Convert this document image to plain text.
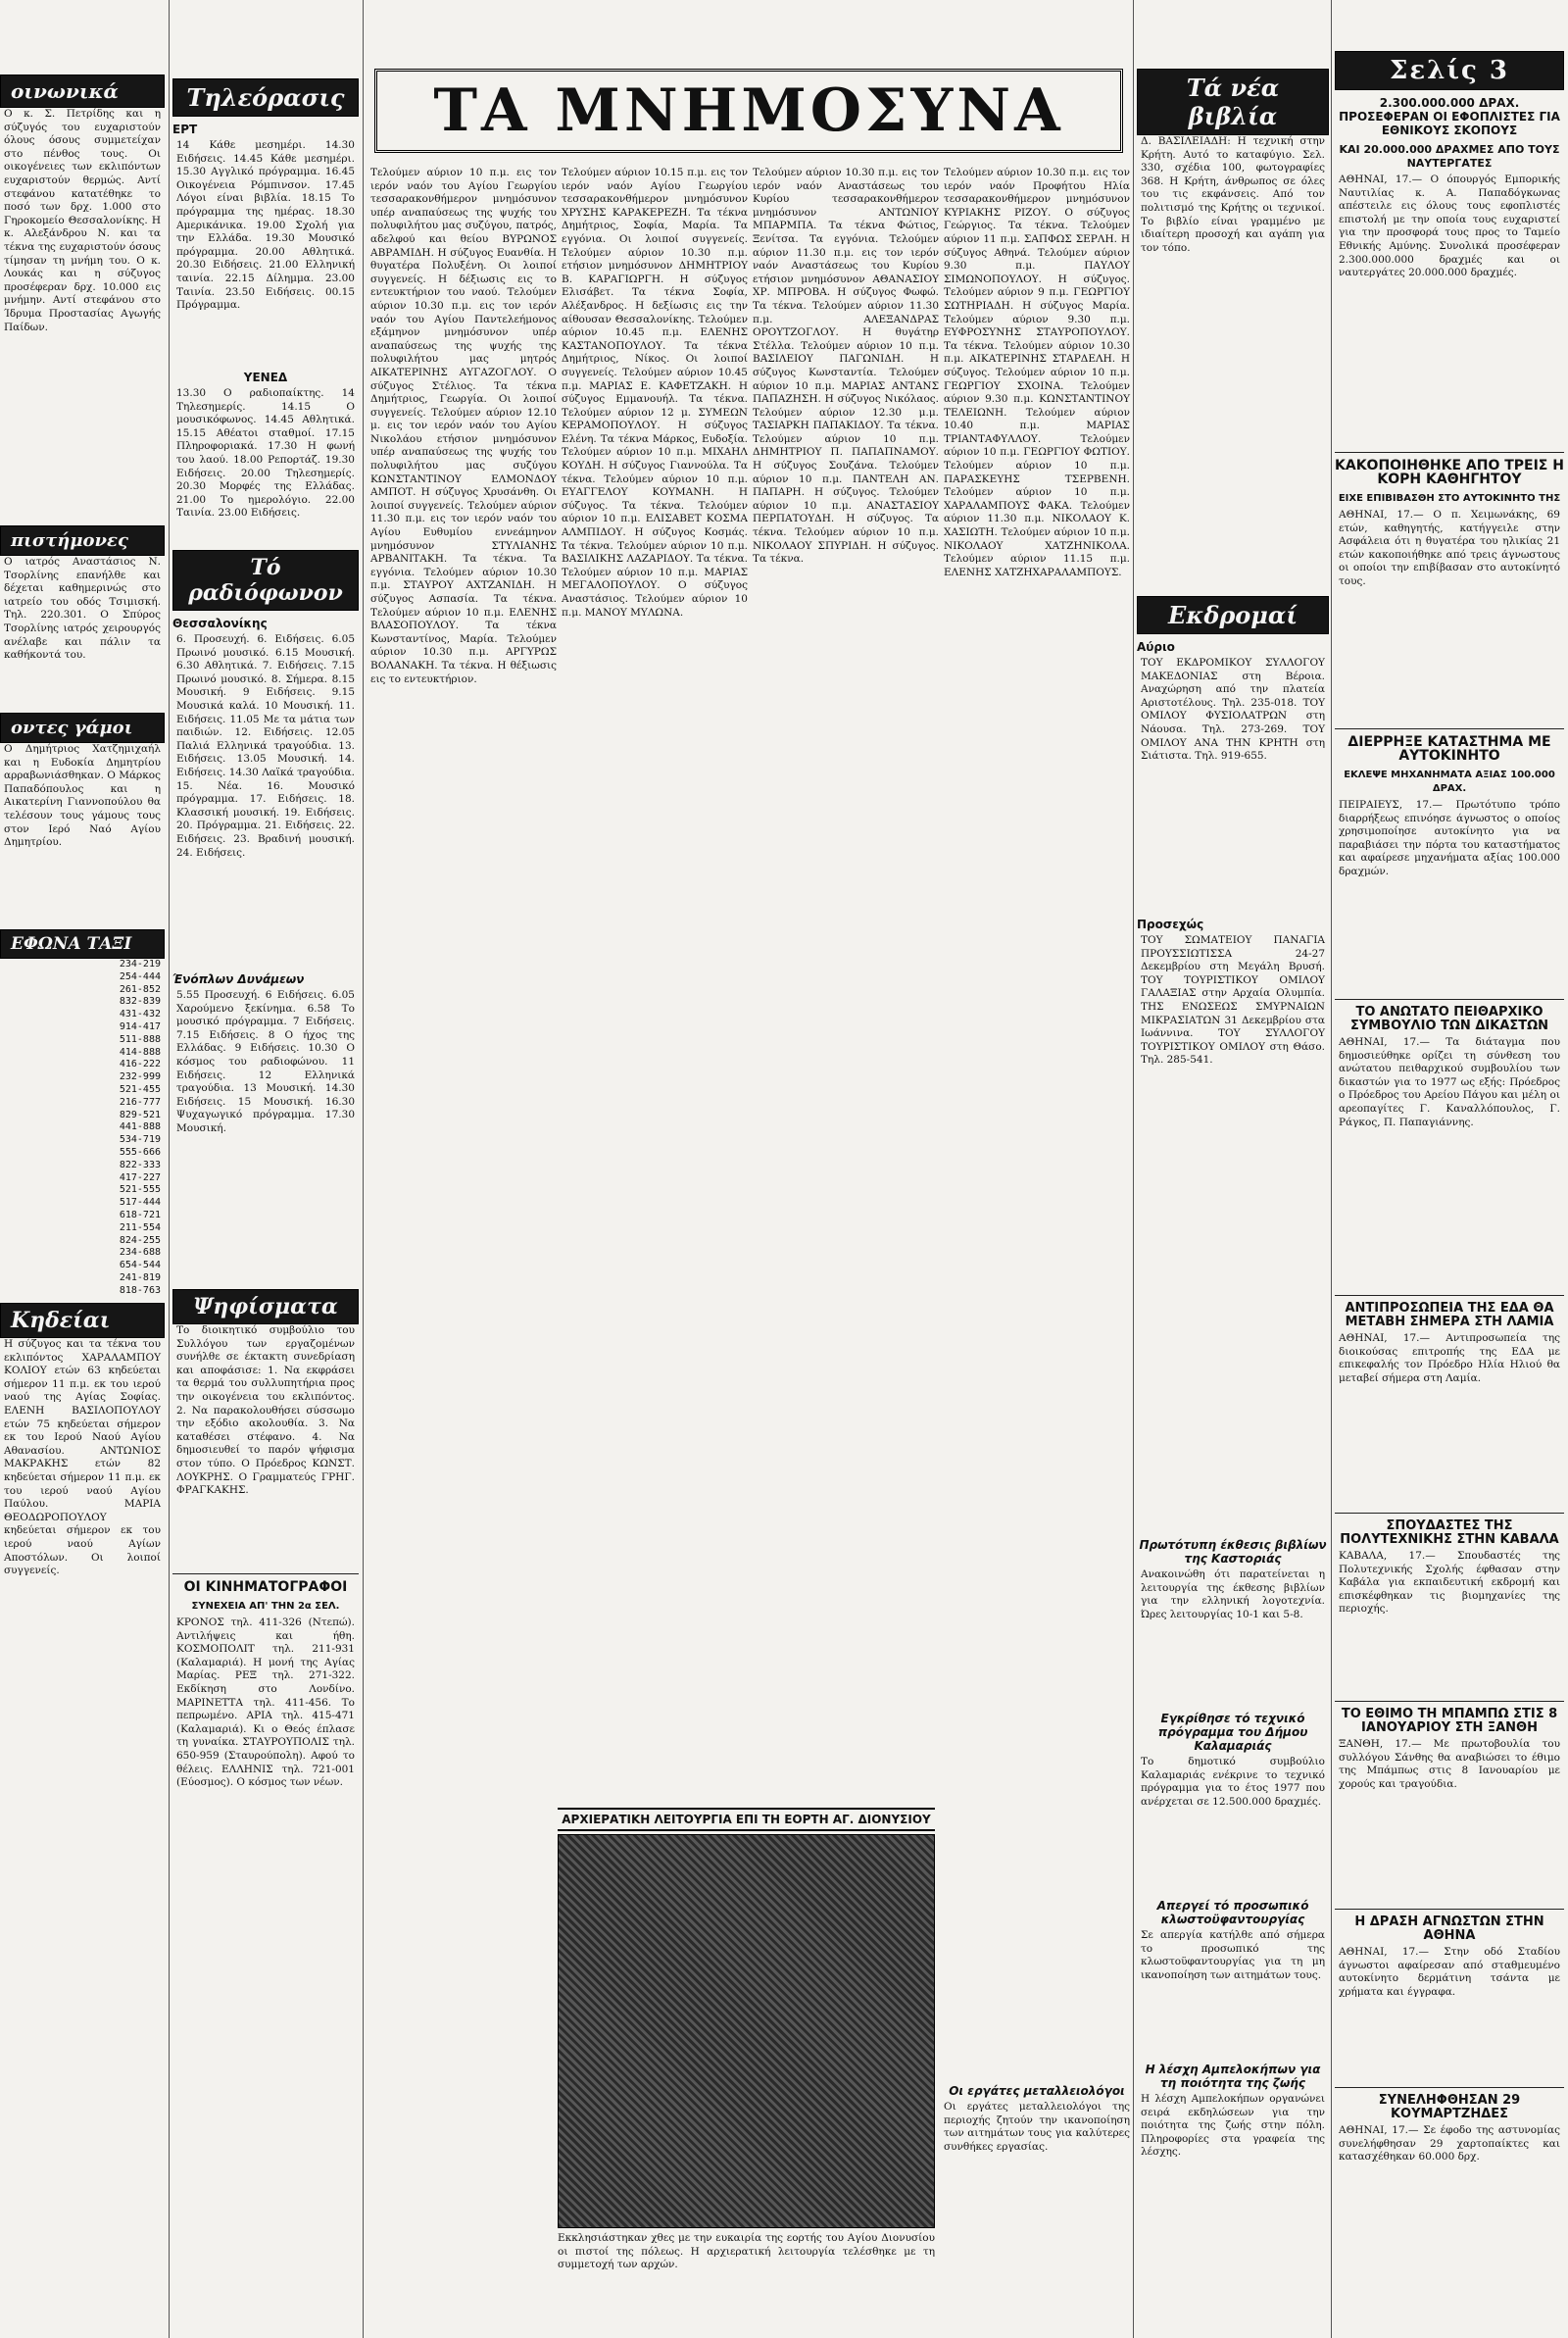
οινωνικά

Ο κ. Σ. Πετρίδης και η σύζυγός του ευχαριστούν όλους όσους συμμετείχαν στο πένθος τους. Οι οικογένειες των εκλιπόντων ευχαριστούν θερμώς. Αντί στεφάνου κατατέθηκε το ποσό των δρχ. 1.000 στο Γηροκομείο Θεσσαλονίκης. Η κ. Αλεξάνδρου Ν. και τα τέκνα της ευχαριστούν όσους τίμησαν τη μνήμη του. Ο κ. Λουκάς και η σύζυγος προσέφεραν δρχ. 10.000 εις μνήμην. Αντί στεφάνου στο Ίδρυμα Προστασίας Αγωγής Παίδων.

πιστήμονες

Ο ιατρός Αναστάσιος Ν. Τσορλίνης επανήλθε και δέχεται καθημερινώς στο ιατρείο του οδός Τσιμισκή. Τηλ. 220.301. Ο Σπύρος Τσορλίνης ιατρός χειρουργός ανέλαβε και πάλιν τα καθήκοντά του.

οντες γάμοι

Ο Δημήτριος Χατζημιχαήλ και η Ευδοκία Δημητρίου αρραβωνιάσθηκαν. Ο Μάρκος Παπαδόπουλος και η Αικατερίνη Γιαννοπούλου θα τελέσουν τους γάμους τους στον Ιερό Ναό Αγίου Δημητρίου.

ΕΦΩΝΑ ΤΑΞΙ
234-219
254-444
261-852
832-839
431-432
914-417
511-888
414-888
416-222
232-999
521-455
216-777
829-521
441-888
534-719
555-666
822-333
417-227
521-555
517-444
618-721
211-554
824-255
234-688
654-544
241-819
818-763
Κηδείαι

Η σύζυγος και τα τέκνα του εκλιπόντος ΧΑΡΑΛΑΜΠΟΥ ΚΟΛΙΟΥ ετών 63 κηδεύεται σήμερον 11 π.μ. εκ του ιερού ναού της Αγίας Σοφίας. ΕΛΕΝΗ ΒΑΣΙΛΟΠΟΥΛΟΥ ετών 75 κηδεύεται σήμερον εκ του Ιερού Ναού Αγίου Αθανασίου. ΑΝΤΩΝΙΟΣ ΜΑΚΡΑΚΗΣ ετών 82 κηδεύεται σήμερον 11 π.μ. εκ του ιερού ναού Αγίου Παύλου. ΜΑΡΙΑ ΘΕΟΔΩΡΟΠΟΥΛΟΥ κηδεύεται σήμερον εκ του ιερού ναού Αγίων Αποστόλων. Οι λοιποί συγγενείς.

Τηλεόρασις
ΕΡΤ

14 Κάθε μεσημέρι. 14.30 Ειδήσεις. 14.45 Κάθε μεσημέρι. 15.30 Αγγλικό πρόγραμμα. 16.45 Οικογένεια Ρόμπινσον. 17.45 Λόγοι είναι βιβλία. 18.15 Το πρόγραμμα της ημέρας. 18.30 Αμερικάνικα. 19.00 Σχολή για την Ελλάδα. 19.30 Μουσικό πρόγραμμα. 20.00 Αθλητικά. 20.30 Ειδήσεις. 21.00 Ελληνική ταινία. 22.15 Δίλημμα. 23.00 Ταινία. 23.50 Ειδήσεις. 00.15 Πρόγραμμα.

ΥΕΝΕΔ

13.30 Ο ραδιοπαίκτης. 14 Τηλεσημερίς. 14.15 Ο μουσικόφωνος. 14.45 Αθλητικά. 15.15 Αθέατοι σταθμοί. 17.15 Πληροφοριακά. 17.30 Η φωνή του λαού. 18.00 Ρεπορτάζ. 19.30 Ειδήσεις. 20.00 Τηλεσημερίς. 20.30 Μορφές της Ελλάδας. 21.00 Το ημερολόγιο. 22.00 Ταινία. 23.00 Ειδήσεις.

Τό ραδιόφωνον
Θεσσαλονίκης

6. Προσευχή. 6. Ειδήσεις. 6.05 Πρωινό μουσικό. 6.15 Μουσική. 6.30 Αθλητικά. 7. Ειδήσεις. 7.15 Πρωινό μουσικό. 8. Σήμερα. 8.15 Μουσική. 9 Ειδήσεις. 9.15 Μουσικά καλά. 10 Μουσική. 11. Ειδήσεις. 11.05 Με τα μάτια των παιδιών. 12. Ειδήσεις. 12.05 Παλιά Ελληνικά τραγούδια. 13. Ειδήσεις. 13.05 Μουσική. 14. Ειδήσεις. 14.30 Λαϊκά τραγούδια. 15. Νέα. 16. Μουσικό πρόγραμμα. 17. Ειδήσεις. 18. Κλασσική μουσική. 19. Ειδήσεις. 20. Πρόγραμμα. 21. Ειδήσεις. 22. Ειδήσεις. 23. Βραδινή μουσική. 24. Ειδήσεις.

Ένόπλων Δυνάμεων

5.55 Προσευχή. 6 Ειδήσεις. 6.05 Χαρούμενο ξεκίνημα. 6.58 Το μουσικό πρόγραμμα. 7 Ειδήσεις. 7.15 Ειδήσεις. 8 Ο ήχος της Ελλάδας. 9 Ειδήσεις. 10.30 Ο κόσμος του ραδιοφώνου. 11 Ειδήσεις. 12 Ελληνικά τραγούδια. 13 Μουσική. 14.30 Ειδήσεις. 15 Μουσική. 16.30 Ψυχαγωγικό πρόγραμμα. 17.30 Μουσική.

Ψηφίσματα

Το διοικητικό συμβούλιο του Συλλόγου των εργαζομένων συνήλθε σε έκτακτη συνεδρίαση και αποφάσισε: 1. Να εκφράσει τα θερμά του συλλυπητήρια προς την οικογένεια του εκλιπόντος. 2. Να παρακολουθήσει σύσσωμο την εξόδιο ακολουθία. 3. Να καταθέσει στέφανο. 4. Να δημοσιευθεί το παρόν ψήφισμα στον τύπο. Ο Πρόεδρος ΚΩΝΣΤ. ΛΟΥΚΡΗΣ. Ο Γραμματεύς ΓΡΗΓ. ΦΡΑΓΚΑΚΗΣ.

ΟΙ ΚΙΝΗΜΑΤΟΓΡΑΦΟΙ
ΣΥΝΕΧΕΙΑ ΑΠ' ΤΗΝ 2α ΣΕΛ.

ΚΡΟΝΟΣ τηλ. 411-326 (Ντεπώ). Αντιλήψεις και ήθη. ΚΟΣΜΟΠΟΛΙΤ τηλ. 211-931 (Καλαμαριά). Η μονή της Αγίας Μαρίας. ΡΕΞ τηλ. 271-322. Εκδίκηση στο Λονδίνο. ΜΑΡΙΝΕΤΤΑ τηλ. 411-456. Το πεπρωμένο. ΑΡΙΑ τηλ. 415-471 (Καλαμαριά). Κι ο Θεός έπλασε τη γυναίκα. ΣΤΑΥΡΟΥΠΟΛΙΣ τηλ. 650-959 (Σταυρούπολη). Αφού το θέλεις. ΕΛΛΗΝΙΣ τηλ. 721-001 (Εύοσμος). Ο κόσμος των νέων.

ΤΑ ΜΝΗΜΟΣΥΝΑ

Τελούμεν αύριον 10 π.μ. εις τον ιερόν ναόν του Αγίου Γεωργίου τεσσαρακονθήμερον μνημόσυνον υπέρ αναπαύσεως της ψυχής του πολυφιλήτου μας συζύγου, πατρός, αδελφού και θείου ΒΥΡΩΝΟΣ ΑΒΡΑΜΙΔΗ. Η σύζυγος Ευανθία. Η θυγατέρα Πολυξένη. Οι λοιποί συγγενείς. Η δέξιωσις εις το εντευκτήριον του ναού. Τελούμεν αύριον 10.30 π.μ. εις τον ιερόν ναόν του Αγίου Παντελεήμονος εξάμηνον μνημόσυνον υπέρ αναπαύσεως της ψυχής της πολυφιλήτου μας μητρός ΑΙΚΑΤΕΡΙΝΗΣ ΑΥΓΑΖΟΓΛΟΥ. Ο σύζυγος Στέλιος. Τα τέκνα Δημήτριος, Γεωργία. Οι λοιποί συγγενείς. Τελούμεν αύριον 12.10 μ. εις τον ιερόν ναόν του Αγίου Νικολάου ετήσιον μνημόσυνον υπέρ αναπαύσεως της ψυχής του πολυφιλήτου μας συζύγου ΚΩΝΣΤΑΝΤΙΝΟΥ ΕΛΜΟΝΔΟΥ ΑΜΠΟΤ. Η σύζυγος Χρυσάνθη. Οι λοιποί συγγενείς. Τελούμεν αύριον 11.30 π.μ. εις τον ιερόν ναόν του Αγίου Ευθυμίου εννεάμηνον μνημόσυνον ΣΤΥΛΙΑΝΗΣ ΑΡΒΑΝΙΤΑΚΗ. Τα τέκνα. Τα εγγόνια. Τελούμεν αύριον 10.30 π.μ. ΣΤΑΥΡΟΥ ΑΧΤΖΑΝΙΔΗ. Η σύζυγος Ασπασία. Τα τέκνα. Τελούμεν αύριον 10 π.μ. ΕΛΕΝΗΣ ΒΛΑΣΟΠΟΥΛΟΥ. Τα τέκνα Κωνσταντίνος, Μαρία. Τελούμεν αύριον 10.30 π.μ. ΑΡΓΥΡΩΣ ΒΟΛΑΝΑΚΗ. Τα τέκνα. Η θέξιωσις εις το εντευκτήριον.

Τελούμεν αύριον 10.15 π.μ. εις τον ιερόν ναόν Αγίου Γεωργίου τεσσαρακονθήμερον μνημόσυνον ΧΡΥΣΗΣ ΚΑΡΑΚΕΡΕΖΗ. Τα τέκνα Δημήτριος, Σοφία, Μαρία. Τα εγγόνια. Οι λοιποί συγγενείς. Τελούμεν αύριον 10.30 π.μ. ετήσιον μνημόσυνον ΔΗΜΗΤΡΙΟΥ Β. ΚΑΡΑΓΙΩΡΓΗ. Η σύζυγος Ελισάβετ. Τα τέκνα Σοφία, Αλέξανδρος. Η δεξίωσις εις την αίθουσαν Θεσσαλονίκης. Τελούμεν αύριον 10.45 π.μ. ΕΛΕΝΗΣ ΚΑΣΤΑΝΟΠΟΥΛΟΥ. Τα τέκνα Δημήτριος, Νίκος. Οι λοιποί συγγενείς. Τελούμεν αύριον 10.45 π.μ. ΜΑΡΙΑΣ Ε. ΚΑΦΕΤΖΑΚΗ. Η σύζυγος Εμμανουήλ. Τα τέκνα. Τελούμεν αύριον 12 μ. ΣΥΜΕΩΝ ΚΕΡΑΜΟΠΟΥΛΟΥ. Η σύζυγος Ελένη. Τα τέκνα Μάρκος, Ευδοξία. Τελούμεν αύριον 10 π.μ. ΜΙΧΑΗΛ ΚΟΥΔΗ. Η σύζυγος Γιαννούλα. Τα τέκνα. Τελούμεν αύριον 10 π.μ. ΕΥΑΓΓΕΛΟΥ ΚΟΥΜΑΝΗ. Η σύζυγος. Τα τέκνα. Τελούμεν αύριον 10 π.μ. ΕΛΙΣΑΒΕΤ ΚΟΣΜΑ ΑΛΜΠΙΔΟΥ. Η σύζυγος Κοσμάς. Τα τέκνα. Τελούμεν αύριον 10 π.μ. ΒΑΣΙΛΙΚΗΣ ΛΑΖΑΡΙΔΟΥ. Τα τέκνα. Τελούμεν αύριον 10 π.μ. ΜΑΡΙΑΣ ΜΕΓΑΛΟΠΟΥΛΟΥ. Ο σύζυγος Αναστάσιος. Τελούμεν αύριον 10 π.μ. ΜΑΝΟΥ ΜΥΛΩΝΑ.

Τελούμεν αύριον 10.30 π.μ. εις τον ιερόν ναόν Αναστάσεως του Κυρίου τεσσαρακονθήμερον μνημόσυνον ΑΝΤΩΝΙΟΥ ΜΠΑΡΜΠΑ. Τα τέκνα Φώτιος, Ξενίτσα. Τα εγγόνια. Τελούμεν αύριον 11.30 π.μ. εις τον ιερόν ναόν Αναστάσεως του Κυρίου ετήσιον μνημόσυνον ΑΘΑΝΑΣΙΟΥ ΧΡ. ΜΠΡΟΒΑ. Η σύζυγος Φωφώ. Τα τέκνα. Τελούμεν αύριον 11.30 π.μ. ΑΛΕΞΑΝΔΡΑΣ ΟΡΟΥΤΖΟΓΛΟΥ. Η θυγάτηρ Στέλλα. Τελούμεν αύριον 10 π.μ. ΒΑΣΙΛΕΙΟΥ ΠΑΓΩΝΙΔΗ. Η σύζυγος Κωνσταντία. Τελούμεν αύριον 10 π.μ. ΜΑΡΙΑΣ ΑΝΤΑΝΣ ΠΑΠΑΖΗΣΗ. Η σύζυγος Νικόλαος. Τελούμεν αύριον 12.30 μ.μ. ΤΑΣΙΑΡΚΗ ΠΑΠΑΚΙΔΟΥ. Τα τέκνα. Τελούμεν αύριον 10 π.μ. ΔΗΜΗΤΡΙΟΥ Π. ΠΑΠΑΠΝΑΜΟΥ. Η σύζυγος Σουζάνα. Τελούμεν αύριον 10 π.μ. ΠΑΝΤΕΛΗ ΑΝ. ΠΑΠΑΡΗ. Η σύζυγος. Τελούμεν αύριον 10 π.μ. ΑΝΑΣΤΑΣΙΟΥ ΠΕΡΠΑΤΟΥΔΗ. Η σύζυγος. Τα τέκνα. Τελούμεν αύριον 10 π.μ. ΝΙΚΟΛΑΟΥ ΣΠΥΡΙΔΗ. Η σύζυγος. Τα τέκνα.

Τελούμεν αύριον 10.30 π.μ. εις τον ιερόν ναόν Προφήτου Ηλία τεσσαρακονθήμερον μνημόσυνον ΚΥΡΙΑΚΗΣ ΡΙΖΟΥ. Ο σύζυγος Γεώργιος. Τα τέκνα. Τελούμεν αύριον 11 π.μ. ΣΑΠΦΩΣ ΣΕΡΛΗ. Η σύζυγος Αθηνά. Τελούμεν αύριον 9.30 π.μ. ΠΑΥΛΟΥ ΣΙΜΩΝΟΠΟΥΛΟΥ. Η σύζυγος. Τελούμεν αύριον 9 π.μ. ΓΕΩΡΓΙΟΥ ΣΩΤΗΡΙΑΔΗ. Η σύζυγος Μαρία. Τελούμεν αύριον 9.30 π.μ. ΕΥΦΡΟΣΥΝΗΣ ΣΤΑΥΡΟΠΟΥΛΟΥ. Τα τέκνα. Τελούμεν αύριον 10.30 π.μ. ΑΙΚΑΤΕΡΙΝΗΣ ΣΤΑΡΔΕΛΗ. Η σύζυγος. Τελούμεν αύριον 10 π.μ. ΓΕΩΡΓΙΟΥ ΣΧΟΙΝΑ. Τελούμεν αύριον 9.30 π.μ. ΚΩΝΣΤΑΝΤΙΝΟΥ ΤΕΛΕΙΩΝΗ. Τελούμεν αύριον 10.40 π.μ. ΜΑΡΙΑΣ ΤΡΙΑΝΤΑΦΥΛΛΟΥ. Τελούμεν αύριον 10 π.μ. ΓΕΩΡΓΙΟΥ ΦΩΤΙΟΥ. Τελούμεν αύριον 10 π.μ. ΠΑΡΑΣΚΕΥΗΣ ΤΣΕΡΒΕΝΗ. Τελούμεν αύριον 10 π.μ. ΧΑΡΑΛΑΜΠΟΥΣ ΦΑΚΑ. Τελούμεν αύριον 11.30 π.μ. ΝΙΚΟΛΑΟΥ Κ. ΧΑΣΙΩΤΗ. Τελούμεν αύριον 10 π.μ. ΝΙΚΟΛΑΟΥ ΧΑΤΖΗΝΙΚΟΛΑ. Τελούμεν αύριον 11.15 π.μ. ΕΛΕΝΗΣ ΧΑΤΖΗΧΑΡΑΛΑΜΠΟΥΣ.

ΑΡΧΙΕΡΑΤΙΚΗ ΛΕΙΤΟΥΡΓΙΑ ΕΠΙ ΤΗ ΕΟΡΤΗ ΑΓ. ΔΙΟΝΥΣΙΟΥ

Εκκλησιάστηκαν χθες με την ευκαιρία της εορτής του Αγίου Διονυσίου οι πιστοί της πόλεως. Η αρχιερατική λειτουργία τελέσθηκε με τη συμμετοχή των αρχών.

Οι εργάτες μεταλλειολόγοι

Οι εργάτες μεταλλειολόγοι της περιοχής ζητούν την ικανοποίηση των αιτημάτων τους για καλύτερες συνθήκες εργασίας.

Τά νέα βιβλία

Δ. ΒΑΣΙΛΕΙΑΔΗ: Η τεχνική στην Κρήτη. Αυτό το καταφύγιο. Σελ. 330, σχέδια 100, φωτογραφίες 368. Η Κρήτη, άνθρωπος σε όλες του τις εκφάνσεις. Από τον πολιτισμό της Κρήτης οι τεχνικοί. Το βιβλίο είναι γραμμένο με ιδιαίτερη προσοχή και αγάπη για τον τόπο.

Εκδρομαί
Αύριο

ΤΟΥ ΕΚΔΡΟΜΙΚΟΥ ΣΥΛΛΟΓΟΥ ΜΑΚΕΔΟΝΙΑΣ στη Βέροια. Αναχώρηση από την πλατεία Αριστοτέλους. Τηλ. 235-018. ΤΟΥ ΟΜΙΛΟΥ ΦΥΣΙΟΛΑΤΡΩΝ στη Νάουσα. Τηλ. 273-269. ΤΟΥ ΟΜΙΛΟΥ ΑΝΑ ΤΗΝ ΚΡΗΤΗ στη Σιάτιστα. Τηλ. 919-655.

Προσεχώς

ΤΟΥ ΣΩΜΑΤΕΙΟΥ ΠΑΝΑΓΙΑ ΠΡΟΥΣΣΙΩΤΙΣΣΑ 24-27 Δεκεμβρίου στη Μεγάλη Βρυσή. ΤΟΥ ΤΟΥΡΙΣΤΙΚΟΥ ΟΜΙΛΟΥ ΓΑΛΑΞΙΑΣ στην Αρχαία Ολυμπία. ΤΗΣ ΕΝΩΣΕΩΣ ΣΜΥΡΝΑΙΩΝ ΜΙΚΡΑΣΙΑΤΩΝ 31 Δεκεμβρίου στα Ιωάννινα. ΤΟΥ ΣΥΛΛΟΓΟΥ ΤΟΥΡΙΣΤΙΚΟΥ ΟΜΙΛΟΥ στη Θάσο. Τηλ. 285-541.

Πρωτότυπη έκθεσις βιβλίων της Καστοριάς

Ανακοινώθη ότι παρατείνεται η λειτουργία της έκθεσης βιβλίων για την ελληνική λογοτεχνία. Ώρες λειτουργίας 10-1 και 5-8.

Εγκρίθησε τό τεχνικό πρόγραμμα του Δήμου Καλαμαριάς

Το δημοτικό συμβούλιο Καλαμαριάς ενέκρινε το τεχνικό πρόγραμμα για το έτος 1977 που ανέρχεται σε 12.500.000 δραχμές.

Απεργεί τό προσωπικό κλωστοϋφαντουργίας

Σε απεργία κατήλθε από σήμερα το προσωπικό της κλωστοϋφαντουργίας για τη μη ικανοποίηση των αιτημάτων τους.

Η λέσχη Αμπελοκήπων για τη ποιότητα της ζωής

Η λέσχη Αμπελοκήπων οργανώνει σειρά εκδηλώσεων για την ποιότητα της ζωής στην πόλη. Πληροφορίες στα γραφεία της λέσχης.

Σελίς 3
2.300.000.000 ΔΡΑΧ. ΠΡΟΣΕΦΕΡΑΝ ΟΙ ΕΦΟΠΛΙΣΤΕΣ ΓΙΑ ΕΘΝΙΚΟΥΣ ΣΚΟΠΟΥΣ
ΚΑΙ 20.000.000 ΔΡΑΧΜΕΣ ΑΠΟ ΤΟΥΣ ΝΑΥΤΕΡΓΑΤΕΣ

ΑΘΗΝΑΙ, 17.— Ο όπουργός Εμπορικής Ναυτιλίας κ. Α. Παπαδόγκωνας απέστειλε εις όλους τους εφοπλιστές επιστολή με την οποία τους ευχαριστεί για την προσφορά τους προς το Ταμείο Εθνικής Αμύνης. Συνολικά προσέφεραν 2.300.000.000 δραχμές και οι ναυτεργάτες 20.000.000 δραχμές.

ΚΑΚΟΠΟΙΗΘΗΚΕ ΑΠΟ ΤΡΕΙΣ Η ΚΟΡΗ ΚΑΘΗΓΗΤΟΥ
ΕΙΧΕ ΕΠΙΒΙΒΑΣΘΗ ΣΤΟ ΑΥΤΟΚΙΝΗΤΟ ΤΗΣ

ΑΘΗΝΑΙ, 17.— Ο π. Χειμωνάκης, 69 ετών, καθηγητής, κατήγγειλε στην Ασφάλεια ότι η θυγατέρα του ηλικίας 21 ετών κακοποιήθηκε από τρεις άγνωστους οι οποίοι την επιβίβασαν στο αυτοκίνητό τους.

ΔΙΕΡΡΗΞΕ ΚΑΤΑΣΤΗΜΑ ΜΕ ΑΥΤΟΚΙΝΗΤΟ
ΕΚΛΕΨΕ ΜΗΧΑΝΗΜΑΤΑ ΑΞΙΑΣ 100.000 ΔΡΑΧ.

ΠΕΙΡΑΙΕΥΣ, 17.— Πρωτότυπο τρόπο διαρρήξεως επινόησε άγνωστος ο οποίος χρησιμοποίησε αυτοκίνητο για να παραβιάσει την πόρτα του καταστήματος και αφαίρεσε μηχανήματα αξίας 100.000 δραχμών.

ΤΟ ΑΝΩΤΑΤΟ ΠΕΙΘΑΡΧΙΚΟ ΣΥΜΒΟΥΛΙΟ ΤΩΝ ΔΙΚΑΣΤΩΝ

ΑΘΗΝΑΙ, 17.— Τα διάταγμα που δημοσιεύθηκε ορίζει τη σύνθεση του ανώτατου πειθαρχικού συμβουλίου των δικαστών για το 1977 ως εξής: Πρόεδρος ο Πρόεδρος του Αρείου Πάγου και μέλη οι αρεοπαγίτες Γ. Καναλλόπουλος, Γ. Ράγκος, Π. Παπαγιάννης.

ΑΝΤΙΠΡΟΣΩΠΕΙΑ ΤΗΣ ΕΔΑ ΘΑ ΜΕΤΑΒΗ ΣΗΜΕΡΑ ΣΤΗ ΛΑΜΙΑ

ΑΘΗΝΑΙ, 17.— Αντιπροσωπεία της διοικούσας επιτροπής της ΕΔΑ με επικεφαλής τον Πρόεδρο Ηλία Ηλιού θα μεταβεί σήμερα στη Λαμία.

ΣΠΟΥΔΑΣΤΕΣ ΤΗΣ ΠΟΛΥΤΕΧΝΙΚΗΣ ΣΤΗΝ ΚΑΒΑΛΑ

ΚΑΒΑΛΑ, 17.— Σπουδαστές της Πολυτεχνικής Σχολής έφθασαν στην Καβάλα για εκπαιδευτική εκδρομή και επισκέφθηκαν τις βιομηχανίες της περιοχής.

ΤΟ ΕΘΙΜΟ ΤΗ ΜΠΑΜΠΩ ΣΤΙΣ 8 ΙΑΝΟΥΑΡΙΟΥ ΣΤΗ ΞΑΝΘΗ

ΞΑΝΘΗ, 17.— Με πρωτοβουλία του συλλόγου Σάνθης θα αναβιώσει το έθιμο της Μπάμπως στις 8 Ιανουαρίου με χορούς και τραγούδια.

Η ΔΡΑΣΗ ΑΓΝΩΣΤΩΝ ΣΤΗΝ ΑΘΗΝΑ

ΑΘΗΝΑΙ, 17.— Στην οδό Σταδίου άγνωστοι αφαίρεσαν από σταθμευμένο αυτοκίνητο δερμάτινη τσάντα με χρήματα και έγγραφα.

ΣΥΝΕΛΗΦΘΗΣΑΝ 29 ΚΟΥΜΑΡΤΖΗΔΕΣ

ΑΘΗΝΑΙ, 17.— Σε έφοδο της αστυνομίας συνελήφθησαν 29 χαρτοπαίκτες και κατασχέθηκαν 60.000 δρχ.
